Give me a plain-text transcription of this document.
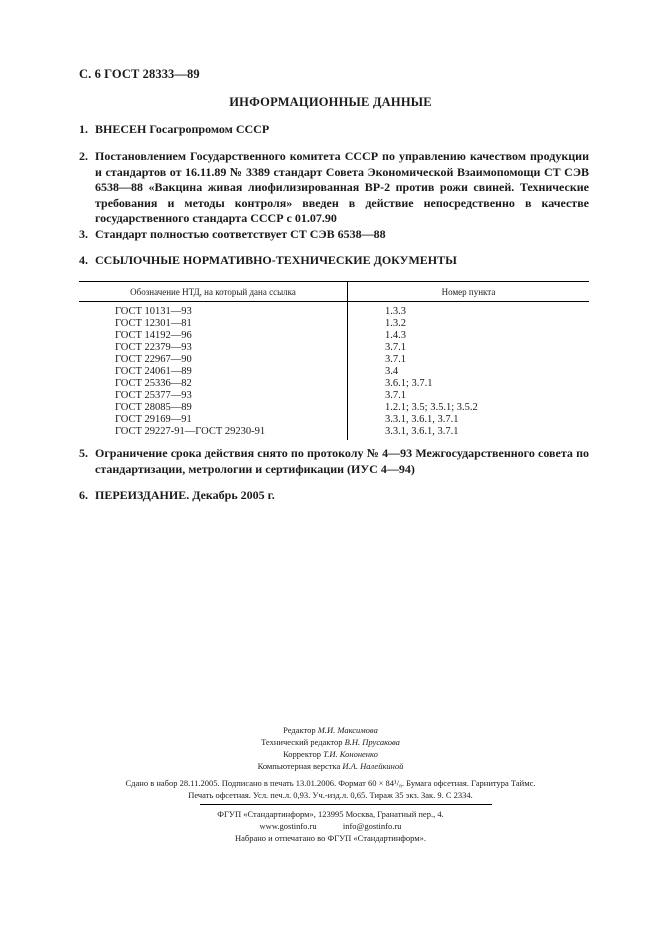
С. 6 ГОСТ 28333—89
ИНФОРМАЦИОННЫЕ ДАННЫЕ
1. ВНЕСЕН Госагропромом СССР
2. Постановлением Государственного комитета СССР по управлению качеством продукции и стандартов от 16.11.89 № 3389 стандарт Совета Экономической Взаимопомощи СТ СЭВ 6538—88 «Вакцина живая лиофилизированная ВР-2 против рожи свиней. Технические требования и методы контроля» введен в действие непосредственно в качестве государственного стандарта СССР с 01.07.90
3. Стандарт полностью соответствует СТ СЭВ 6538—88
4. ССЫЛОЧНЫЕ НОРМАТИВНО-ТЕХНИЧЕСКИЕ ДОКУМЕНТЫ
Обозначение НТД, на который дана ссылка	Номер пункта
ГОСТ 10131—93	1.3.3
ГОСТ 12301—81	1.3.2
ГОСТ 14192—96	1.4.3
ГОСТ 22379—93	3.7.1
ГОСТ 22967—90	3.7.1
ГОСТ 24061—89	3.4
ГОСТ 25336—82	3.6.1; 3.7.1
ГОСТ 25377—93	3.7.1
ГОСТ 28085—89	1.2.1; 3.5; 3.5.1; 3.5.2
ГОСТ 29169—91	3.3.1, 3.6.1, 3.7.1
ГОСТ 29227-91—ГОСТ 29230-91	3.3.1, 3.6.1, 3.7.1
5. Ограничение срока действия снято по протоколу № 4—93 Межгосударственного совета по стандартизации, метрологии и сертификации (ИУС 4—94)
6. ПЕРЕИЗДАНИЕ. Декабрь 2005 г.
Редактор М.И. Максимова
Технический редактор В.Н. Прусакова
Корректор Т.И. Кононенко
Компьютерная верстка И.А. Налейкиной
Сдано в набор 28.11.2005. Подписано в печать 13.01.2006. Формат 60 × 84¹/₈. Бумага офсетная. Гарнитура Таймс.
Печать офсетная. Усл. печ.л. 0,93. Уч.-изд.л. 0,65. Тираж 35 экз. Зак. 9. С 2334.
ФГУП «Стандартинформ», 123995 Москва, Гранатный пер., 4.
www.gostinfo.ru	info@gostinfo.ru
Набрано и отпечатано во ФГУП «Стандартинформ».
